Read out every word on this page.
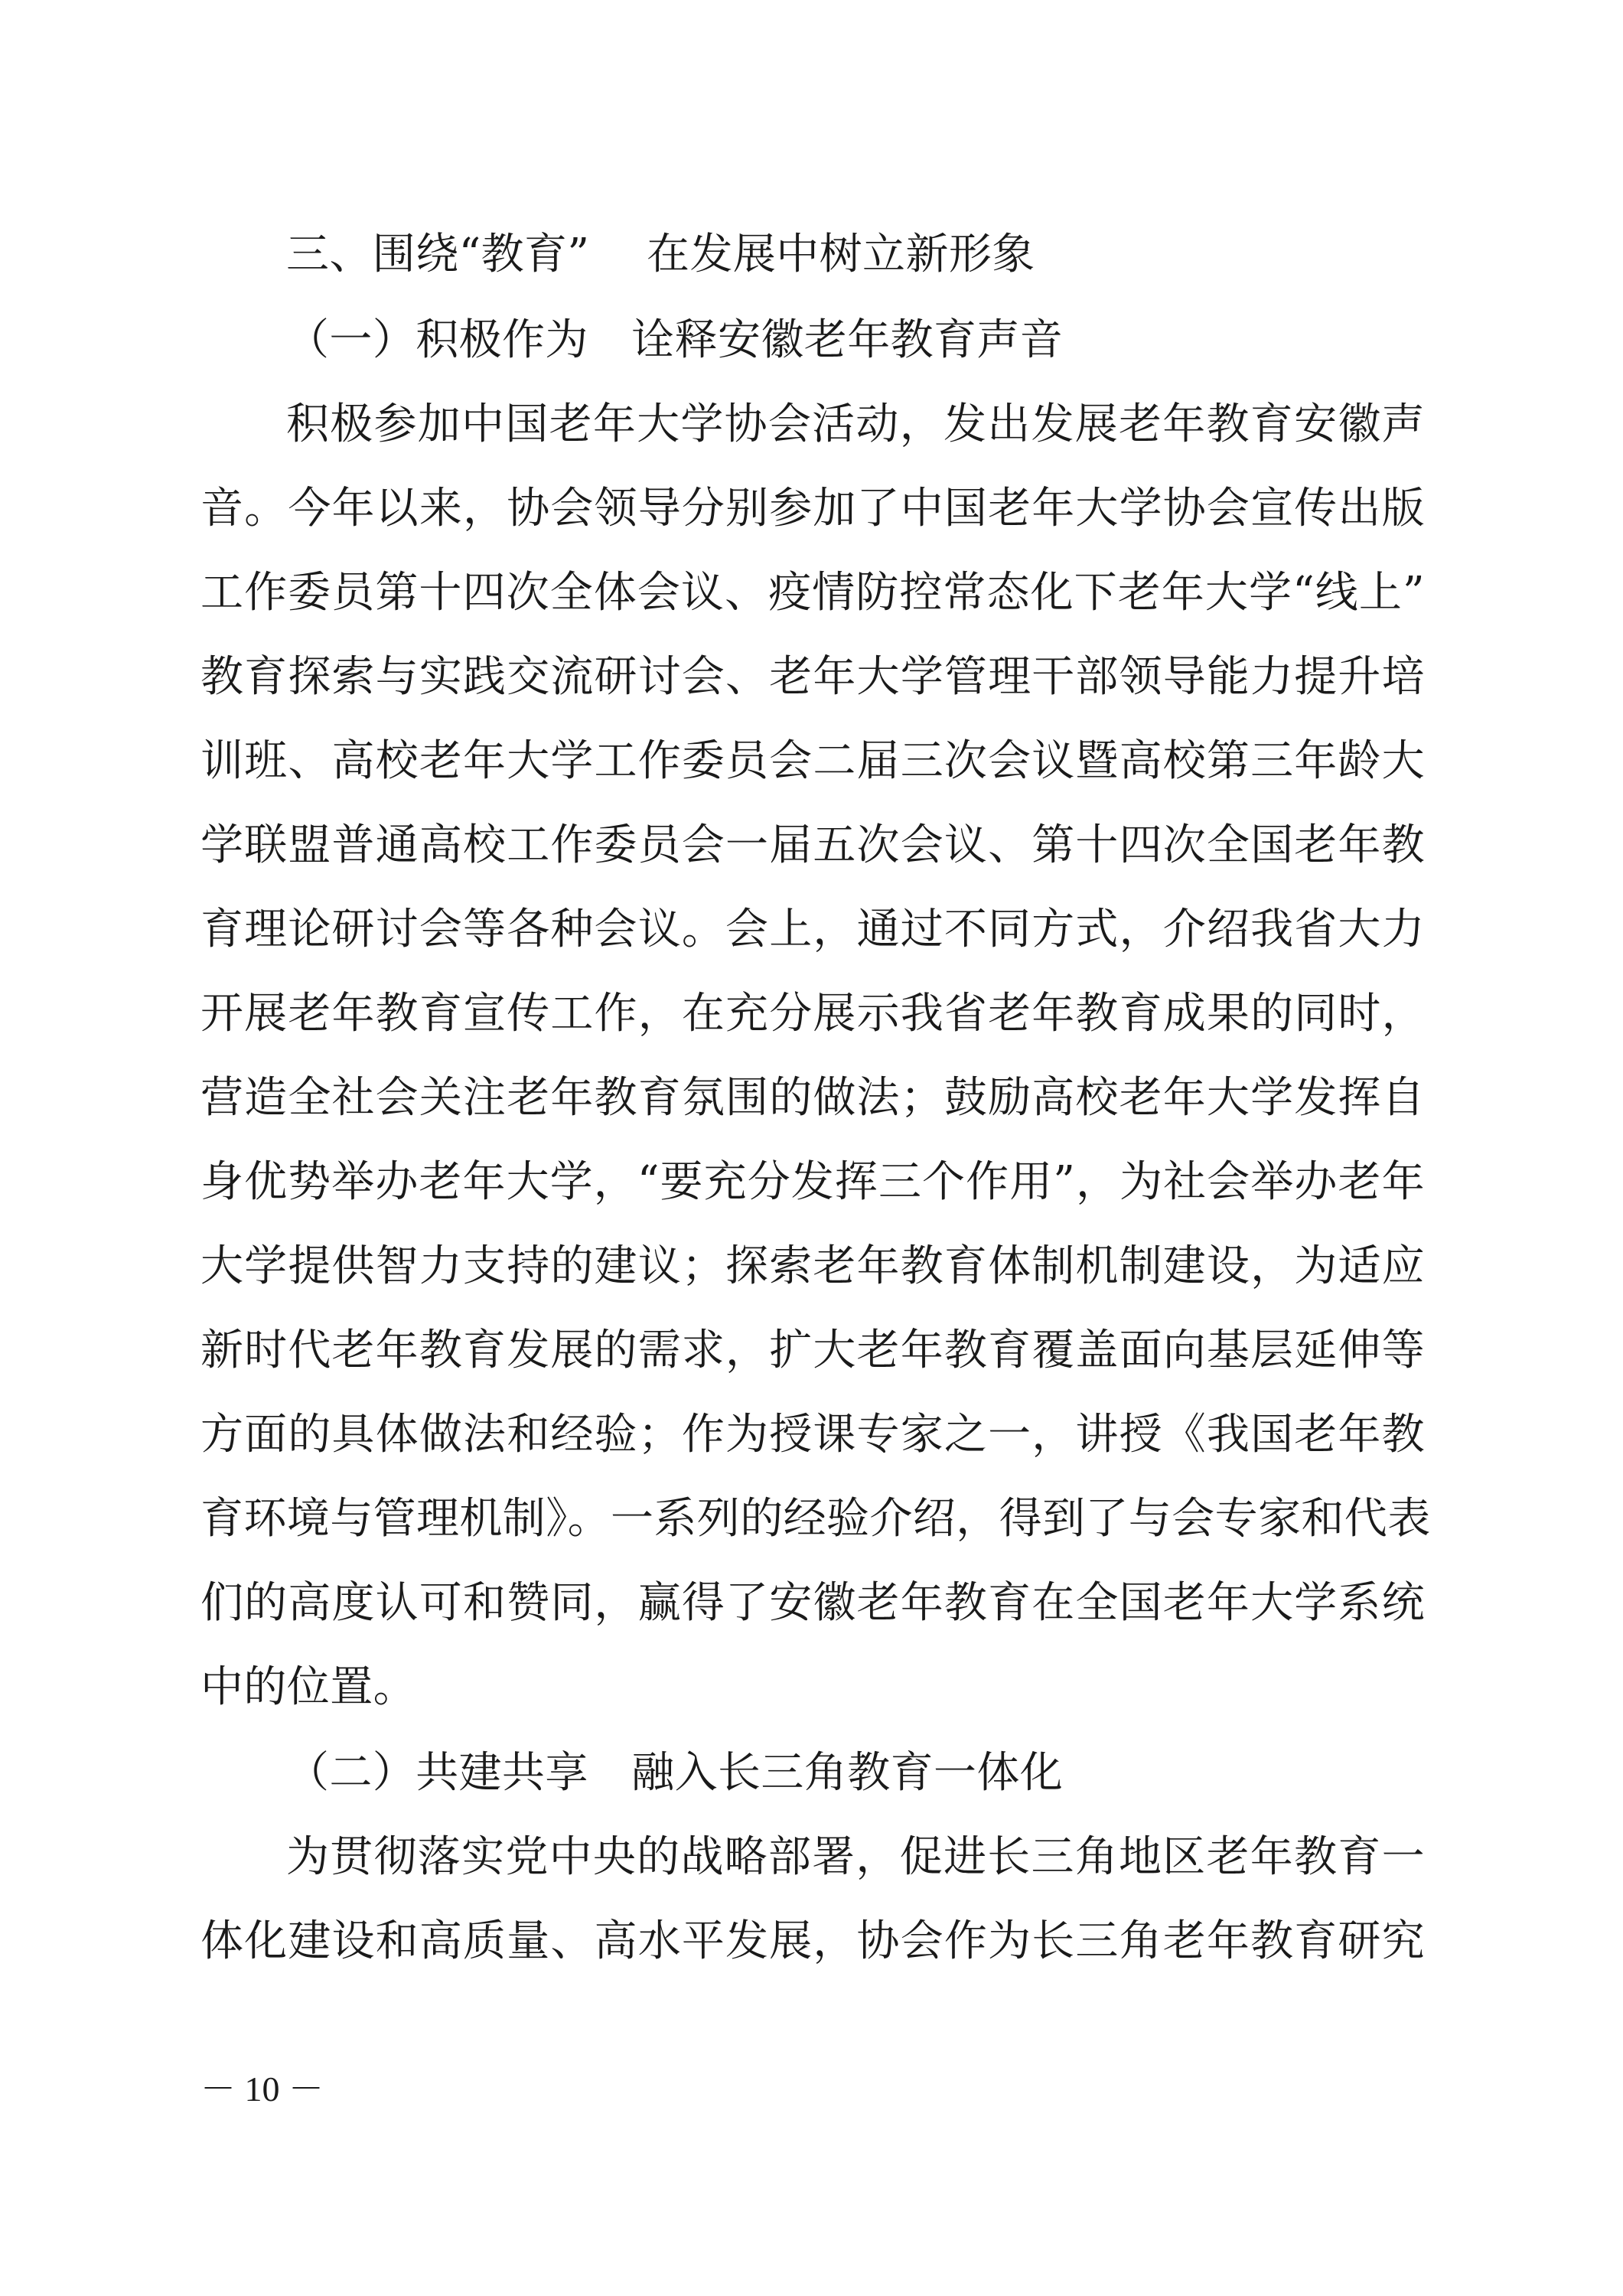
三、围绕“教育”　 在发展中树立新形象
（一）积极作为　诠释安徽老年教育声音
积极参加中国老年大学协会活动，发出发展老年教育安徽声
音。今年以来，协会领导分别参加了中国老年大学协会宣传出版
工作委员第十四次全体会议、疫情防控常态化下老年大学“线上”
教育探索与实践交流研讨会、老年大学管理干部领导能力提升培
训班、高校老年大学工作委员会二届三次会议暨高校第三年龄大
学联盟普通高校工作委员会一届五次会议、第十四次全国老年教
育理论研讨会等各种会议。会上，通过不同方式，介绍我省大力
开展老年教育宣传工作，在充分展示我省老年教育成果的同时，
营造全社会关注老年教育氛围的做法；鼓励高校老年大学发挥自
身优势举办老年大学，“要充分发挥三个作用”，为社会举办老年
大学提供智力支持的建议；探索老年教育体制机制建设，为适应
新时代老年教育发展的需求，扩大老年教育覆盖面向基层延伸等
方面的具体做法和经验；作为授课专家之一，讲授《我国老年教
育环境与管理机制》。一系列的经验介绍，得到了与会专家和代表
们的高度认可和赞同，赢得了安徽老年教育在全国老年大学系统
中的位置。
（二）共建共享　融入长三角教育一体化
为贯彻落实党中央的战略部署，促进长三角地区老年教育一
体化建设和高质量、高水平发展，协会作为长三角老年教育研究
－ 10 －
